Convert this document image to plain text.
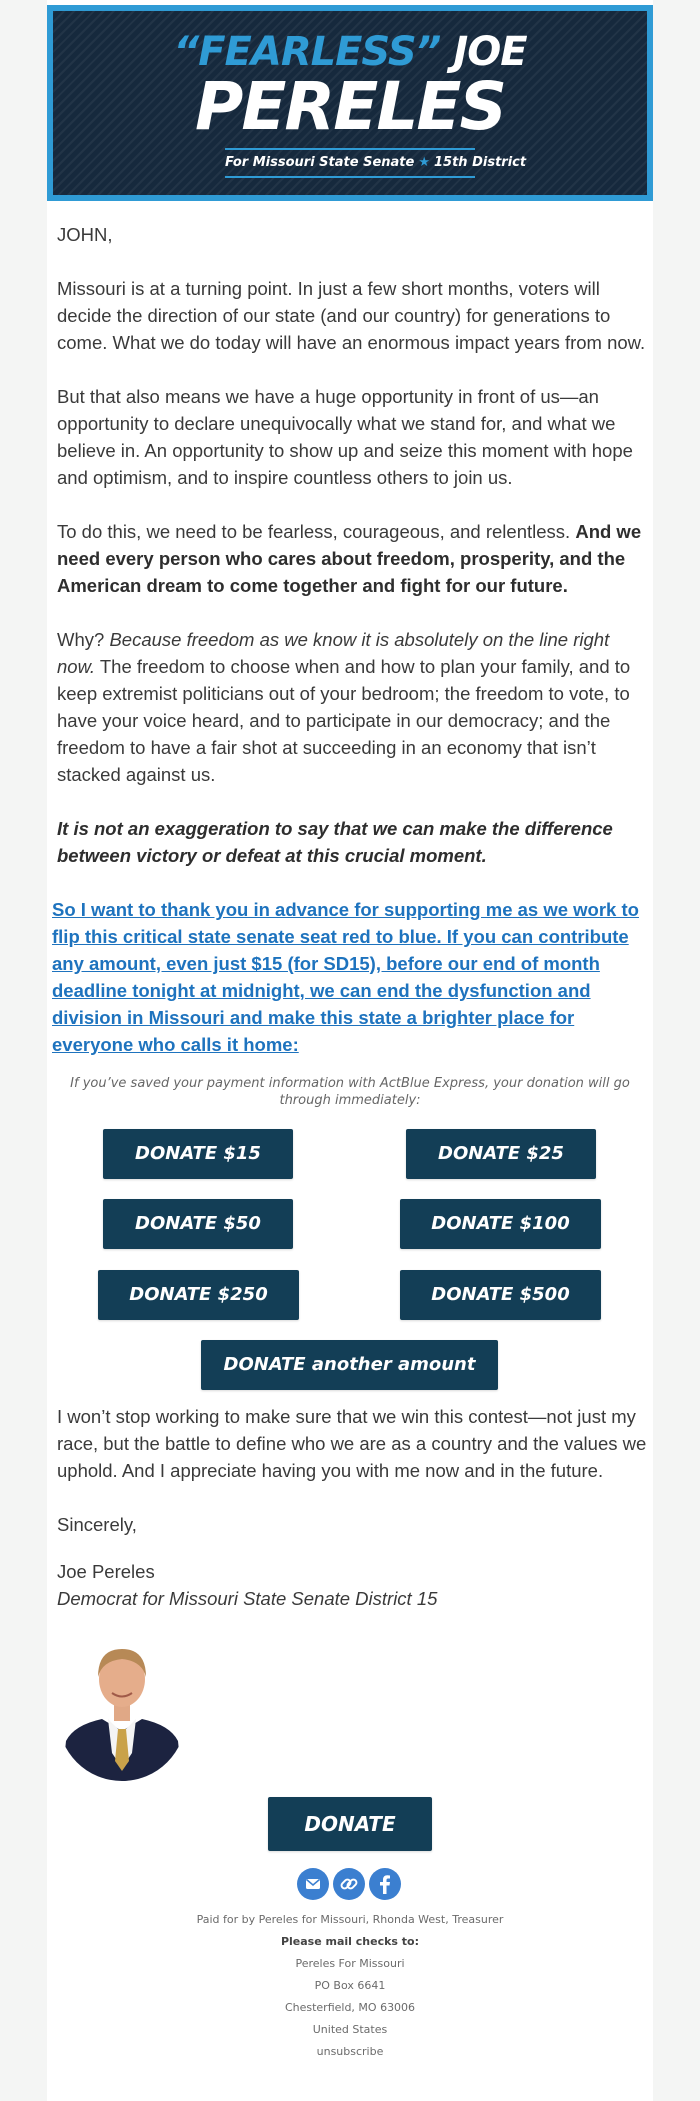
“FEARLESS” JOE
PERELES
For Missouri State Senate ★ 15th District
JOHN,
Missouri is at a turning point. In just a few short months, voters will decide the direction of our state (and our country) for generations to come. What we do today will have an enormous impact years from now.
But that also means we have a huge opportunity in front of us—an opportunity to declare unequivocally what we stand for, and what we believe in. An opportunity to show up and seize this moment with hope and optimism, and to inspire countless others to join us.
To do this, we need to be fearless, courageous, and relentless. And we need every person who cares about freedom, prosperity, and the American dream to come together and fight for our future.
Why? Because freedom as we know it is absolutely on the line right now. The freedom to choose when and how to plan your family, and to keep extremist politicians out of your bedroom; the freedom to vote, to have your voice heard, and to participate in our democracy; and the freedom to have a fair shot at succeeding in an economy that isn’t stacked against us.
It is not an exaggeration to say that we can make the difference between victory or defeat at this crucial moment.
So I want to thank you in advance for supporting me as we work to flip this critical state senate seat red to blue. If you can contribute any amount, even just $15 (for SD15), before our end of month deadline tonight at midnight, we can end the dysfunction and division in Missouri and make this state a brighter place for everyone who calls it home:
If you’ve saved your payment information with ActBlue Express, your donation will go through immediately:
DONATE $15	DONATE $25
DONATE $50	DONATE $100
DONATE $250	DONATE $500
DONATE another amount
I won’t stop working to make sure that we win this contest—not just my race, but the battle to define who we are as a country and the values we uphold. And I appreciate having you with me now and in the future.
Sincerely,
Joe Pereles
Democrat for Missouri State Senate District 15
DONATE
Paid for by Pereles for Missouri, Rhonda West, Treasurer
Please mail checks to:
Pereles For Missouri
PO Box 6641
Chesterfield, MO 63006
United States
unsubscribe
